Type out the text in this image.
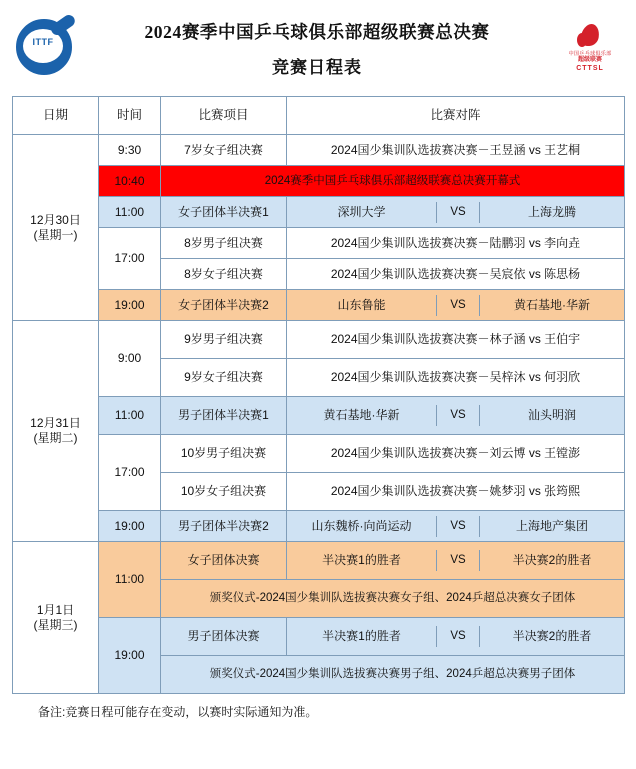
ITTF
2024赛季中国乒乓球俱乐部超级联赛总决赛
竞赛日程表
中国乒乓球俱乐部
超级联赛
CTTSL
日期	时间	比赛项目	比赛对阵
12月30日
(星期一)	9:30	7岁女子组决赛	2024国少集训队选拔赛决赛－王昱涵 vs 王艺桐
10:40	2024赛季中国乒乓球俱乐部超级联赛总决赛开幕式
11:00	女子团体半决赛1		深圳大学	VS	上海龙腾

17:00	8岁男子组决赛	2024国少集训队选拔赛决赛－陆鹏羽 vs 李向垚
8岁女子组决赛	2024国少集训队选拔赛决赛－吴宸依 vs 陈思杨
19:00	女子团体半决赛2		山东鲁能	VS	黄石基地·华新

12月31日
(星期二)	9:00	9岁男子组决赛	2024国少集训队选拔赛决赛－林子涵 vs 王伯宇
9岁女子组决赛	2024国少集训队选拔赛决赛－吴梓沐 vs 何羽欣
11:00	男子团体半决赛1		黄石基地·华新	VS	汕头明润

17:00	10岁男子组决赛	2024国少集训队选拔赛决赛－刘云博 vs 王镗澎
10岁女子组决赛	2024国少集训队选拔赛决赛－姚梦羽 vs 张筠熙
19:00	男子团体半决赛2		山东魏桥·向尚运动	VS	上海地产集团

1月1日
(星期三)	11:00	女子团体决赛		半决赛1的胜者	VS	半决赛2的胜者

颁奖仪式-2024国少集训队选拔赛决赛女子组、2024乒超总决赛女子团体
19:00	男子团体决赛		半决赛1的胜者	VS	半决赛2的胜者

颁奖仪式-2024国少集训队选拔赛决赛男子组、2024乒超总决赛男子团体
备注:竞赛日程可能存在变动，以赛时实际通知为准。
